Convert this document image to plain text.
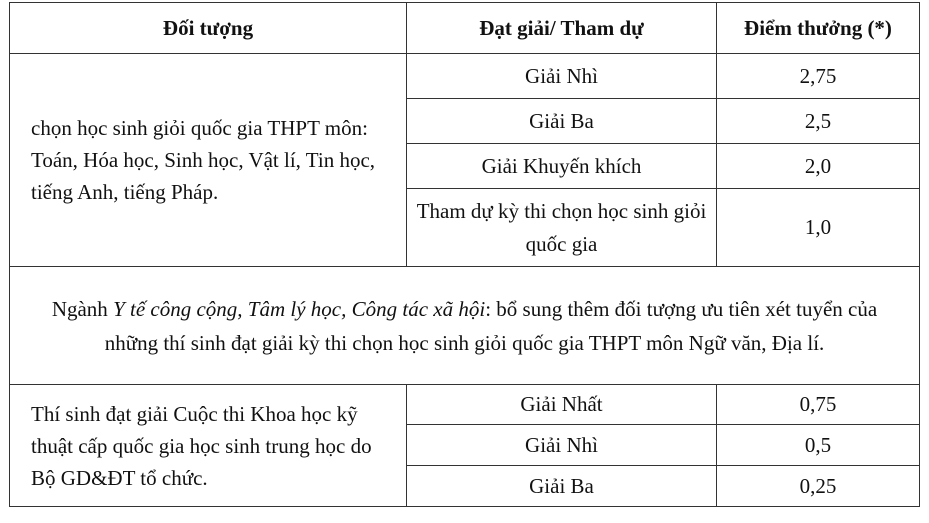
Đối tượng	Đạt giải/ Tham dự	Điểm thưởng (*)
chọn học sinh giỏi quốc gia THPT môn: Toán, Hóa học, Sinh học, Vật lí, Tin học, tiếng Anh, tiếng Pháp.	Giải Nhì	2,75
	Giải Ba	2,5
	Giải Khuyến khích	2,0
	Tham dự kỳ thi chọn học sinh giỏi quốc gia	1,0
Ngành Y tế công cộng, Tâm lý học, Công tác xã hội: bổ sung thêm đối tượng ưu tiên xét tuyển của những thí sinh đạt giải kỳ thi chọn học sinh giỏi quốc gia THPT môn Ngữ văn, Địa lí.		
Thí sinh đạt giải Cuộc thi Khoa học kỹ thuật cấp quốc gia học sinh trung học do Bộ GD&ĐT tổ chức.	Giải Nhất	0,75
	Giải Nhì	0,5
	Giải Ba	0,25
